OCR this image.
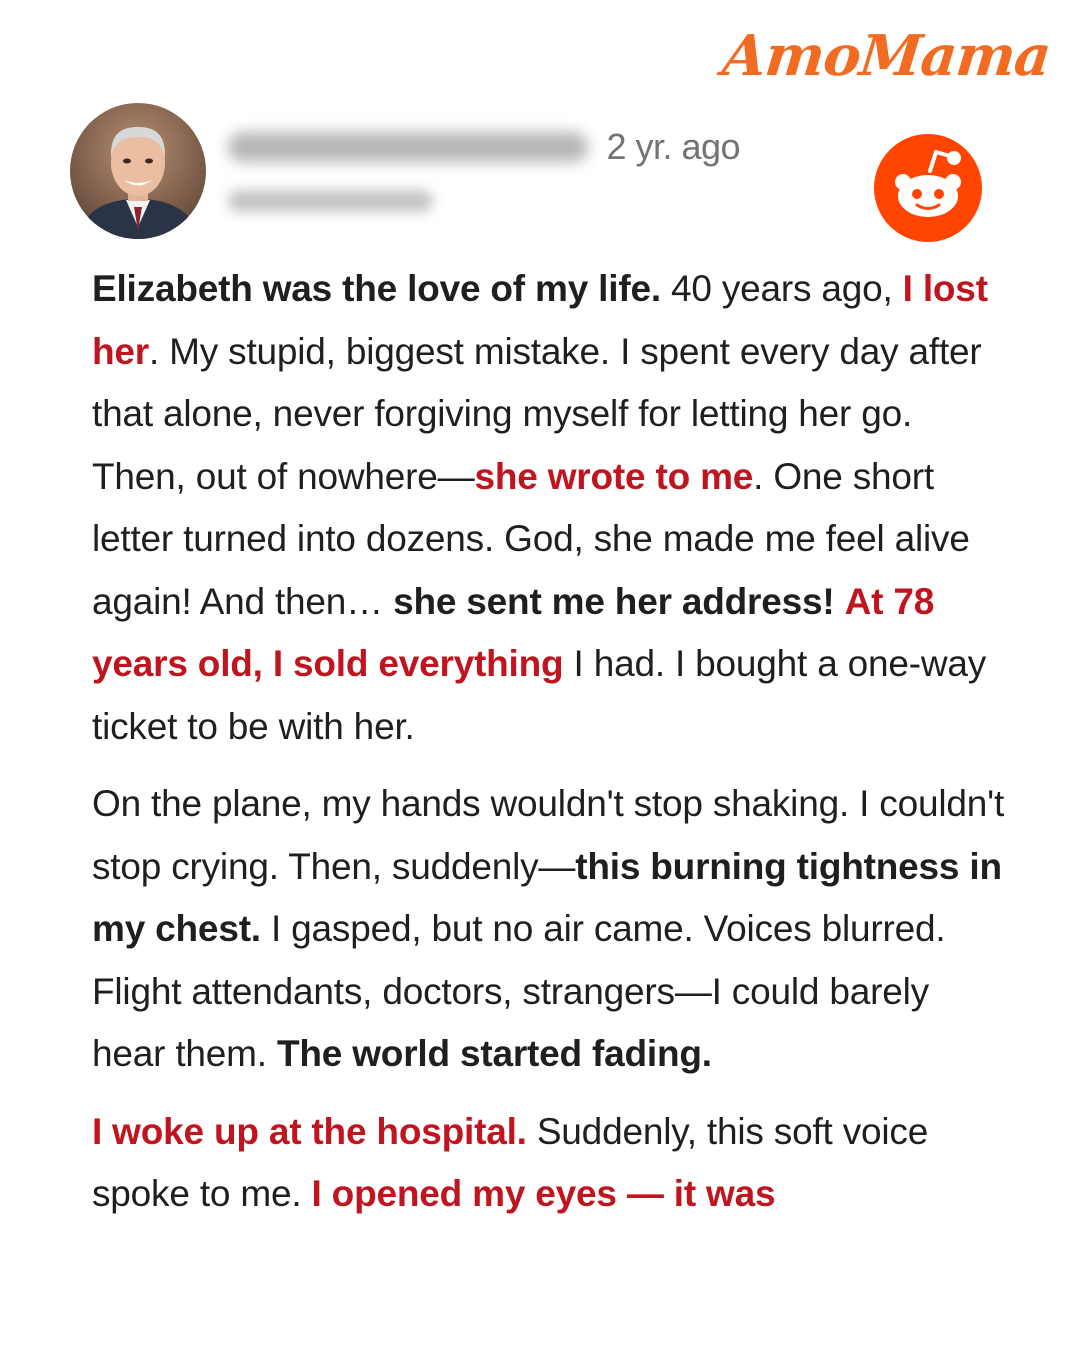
AmoMama
2 yr. ago

Elizabeth was the love of my life. 40 years ago, I lost her. My stupid, biggest mistake. I spent every day after that alone, never forgiving myself for letting her go. Then, out of nowhere—she wrote to me. One short letter turned into dozens. God, she made me feel alive again! And then… she sent me her address! At 78 years old, I sold everything I had. I bought a one-way ticket to be with her.

On the plane, my hands wouldn't stop shaking. I couldn't stop crying. Then, suddenly—this burning tightness in my chest. I gasped, but no air came. Voices blurred. Flight attendants, doctors, strangers—I could barely hear them. The world started fading.

I woke up at the hospital. Suddenly, this soft voice spoke to me. I opened my eyes — it was
